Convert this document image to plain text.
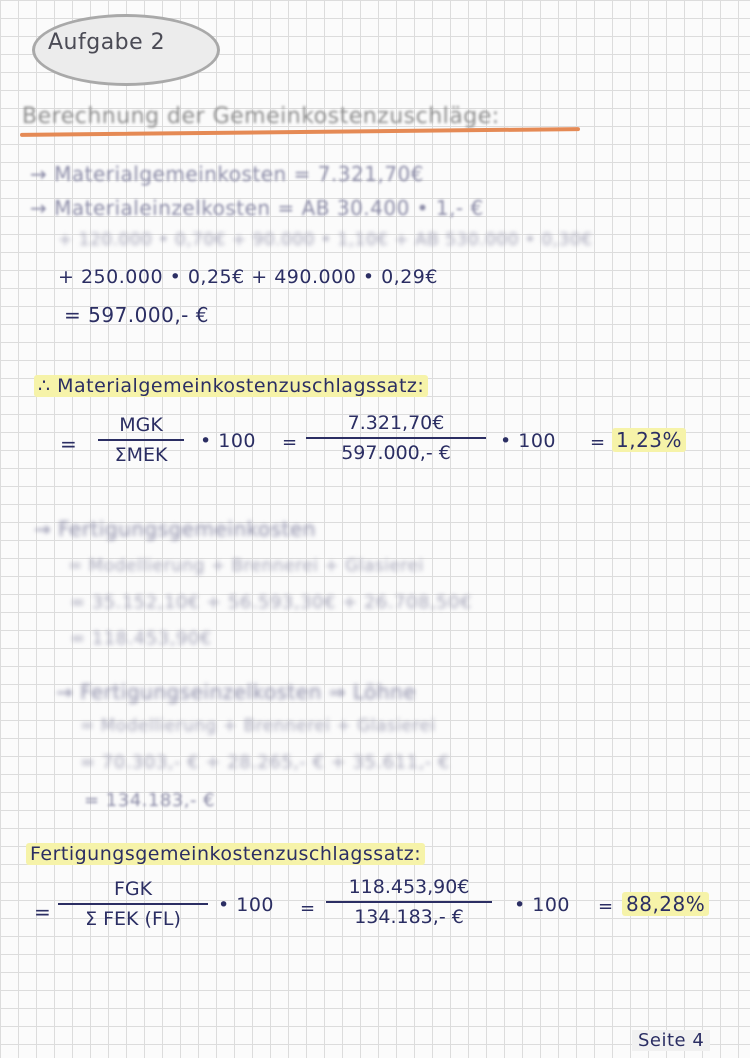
Aufgabe 2
Berechnung der Gemeinkostenzuschläge:
→ Materialgemeinkosten = 7.321,70€
→ Materialeinzelkosten = AB 30.400 • 1,- €
+ 120.000 • 0,70€ + 90.000 • 1,10€ + AB 530.000 • 0,30€
+ 250.000 • 0,25€ + 490.000 • 0,29€
= 597.000,- €
∴ Materialgemeinkostenzuschlagssatz:
=
MGK
ΣMEK
• 100 =
7.321,70€
597.000,- €
• 100 = 1,23%
→ Fertigungsgemeinkosten
= Modellierung + Brennerei + Glasierei
= 35.152,10€ + 56.593,30€ + 26.708,50€
= 118.453,90€
→ Fertigungseinzelkosten ⇒ Löhne
= Modellierung + Brennerei + Glasierei
= 70.303,- € + 28.265,- € + 35.611,- €
= 134.183,- €
Fertigungsgemeinkostenzuschlagssatz:
=
FGK
Σ FEK (FL)
• 100 =
118.453,90€
134.183,- €
• 100 = 88,28%
Seite 4
